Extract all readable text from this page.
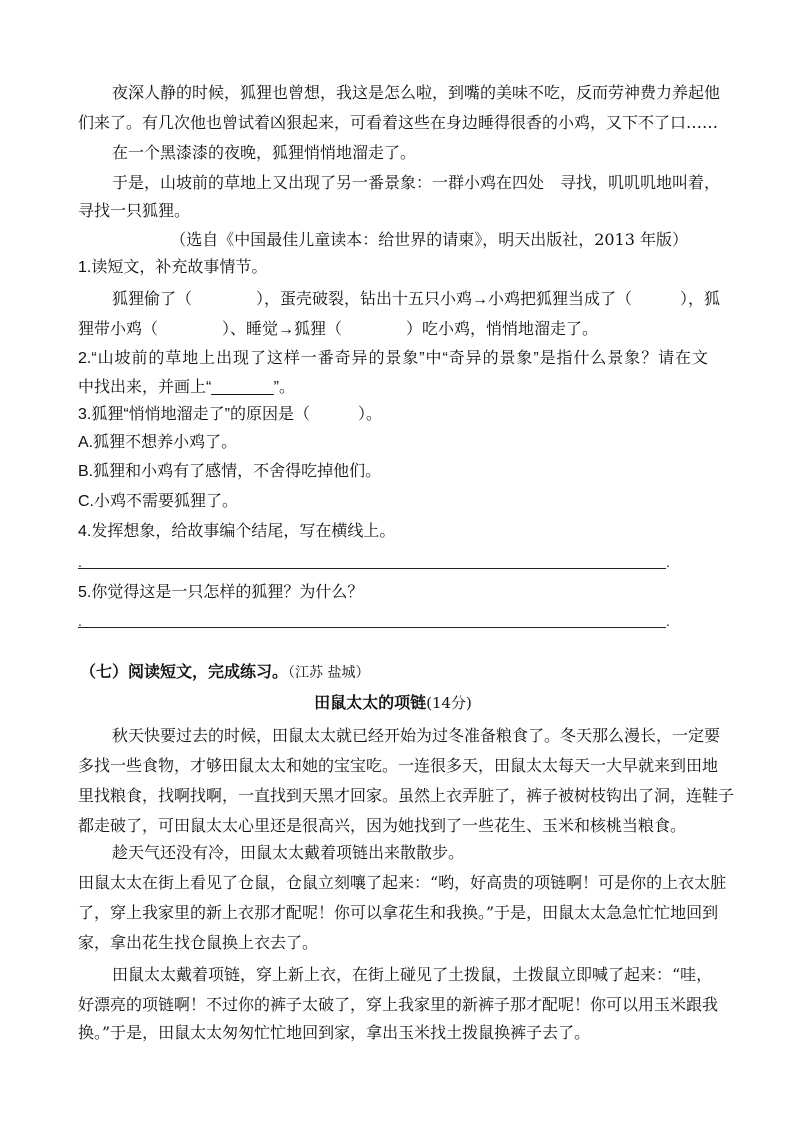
夜深人静的时候，狐狸也曾想，我这是怎么啦，到嘴的美味不吃，反而劳神费力养起他
们来了。有几次他也曾试着凶狠起来，可看着这些在身边睡得很香的小鸡，又下不了口……
在一个黑漆漆的夜晚，狐狸悄悄地溜走了。
于是，山坡前的草地上又出现了另一番景象：一群小鸡在四处　寻找，叽叽叽地叫着，
寻找一只狐狸。
（选自《中国最佳儿童读本：给世界的请柬》，明天出版社，2013 年版）
1.读短文，补充故事情节。
狐狸偷了（　　　　），蛋壳破裂，钻出十五只小鸡→小鸡把狐狸当成了（　　　），狐
狸带小鸡（　　　　）、睡觉→狐狸（　　　　）吃小鸡，悄悄地溜走了。
2.“山坡前的草地上出现了这样一番奇异的景象”中“奇异的景象”是指什么景象？请在文
中找出来，并画上“_______”。
3.狐狸“悄悄地溜走了”的原因是（　　　）。
A.狐狸不想养小鸡了。
B.狐狸和小鸡有了感情，不舍得吃掉他们。
C.小鸡不需要狐狸了。
4.发挥想象，给故事编个结尾，写在横线上。
.	.
5.你觉得这是一只怎样的狐狸？为什么？
.	.
（七）阅读短文，完成练习。（江苏 盐城）
田鼠太太的项链(14分)
秋天快要过去的时候，田鼠太太就已经开始为过冬准备粮食了。冬天那么漫长，一定要
多找一些食物，才够田鼠太太和她的宝宝吃。一连很多天，田鼠太太每天一大早就来到田地
里找粮食，找啊找啊，一直找到天黑才回家。虽然上衣弄脏了，裤子被树枝钩出了洞，连鞋子
都走破了，可田鼠太太心里还是很高兴，因为她找到了一些花生、玉米和核桃当粮食。
趁天气还没有冷，田鼠太太戴着项链出来散散步。
田鼠太太在街上看见了仓鼠，仓鼠立刻嚷了起来：“哟，好高贵的项链啊！可是你的上衣太脏
了，穿上我家里的新上衣那才配呢！你可以拿花生和我换。”于是，田鼠太太急急忙忙地回到
家，拿出花生找仓鼠换上衣去了。
田鼠太太戴着项链，穿上新上衣，在街上碰见了土拨鼠，土拨鼠立即喊了起来：“哇，
好漂亮的项链啊！不过你的裤子太破了，穿上我家里的新裤子那才配呢！你可以用玉米跟我
换。”于是，田鼠太太匆匆忙忙地回到家，拿出玉米找土拨鼠换裤子去了。
